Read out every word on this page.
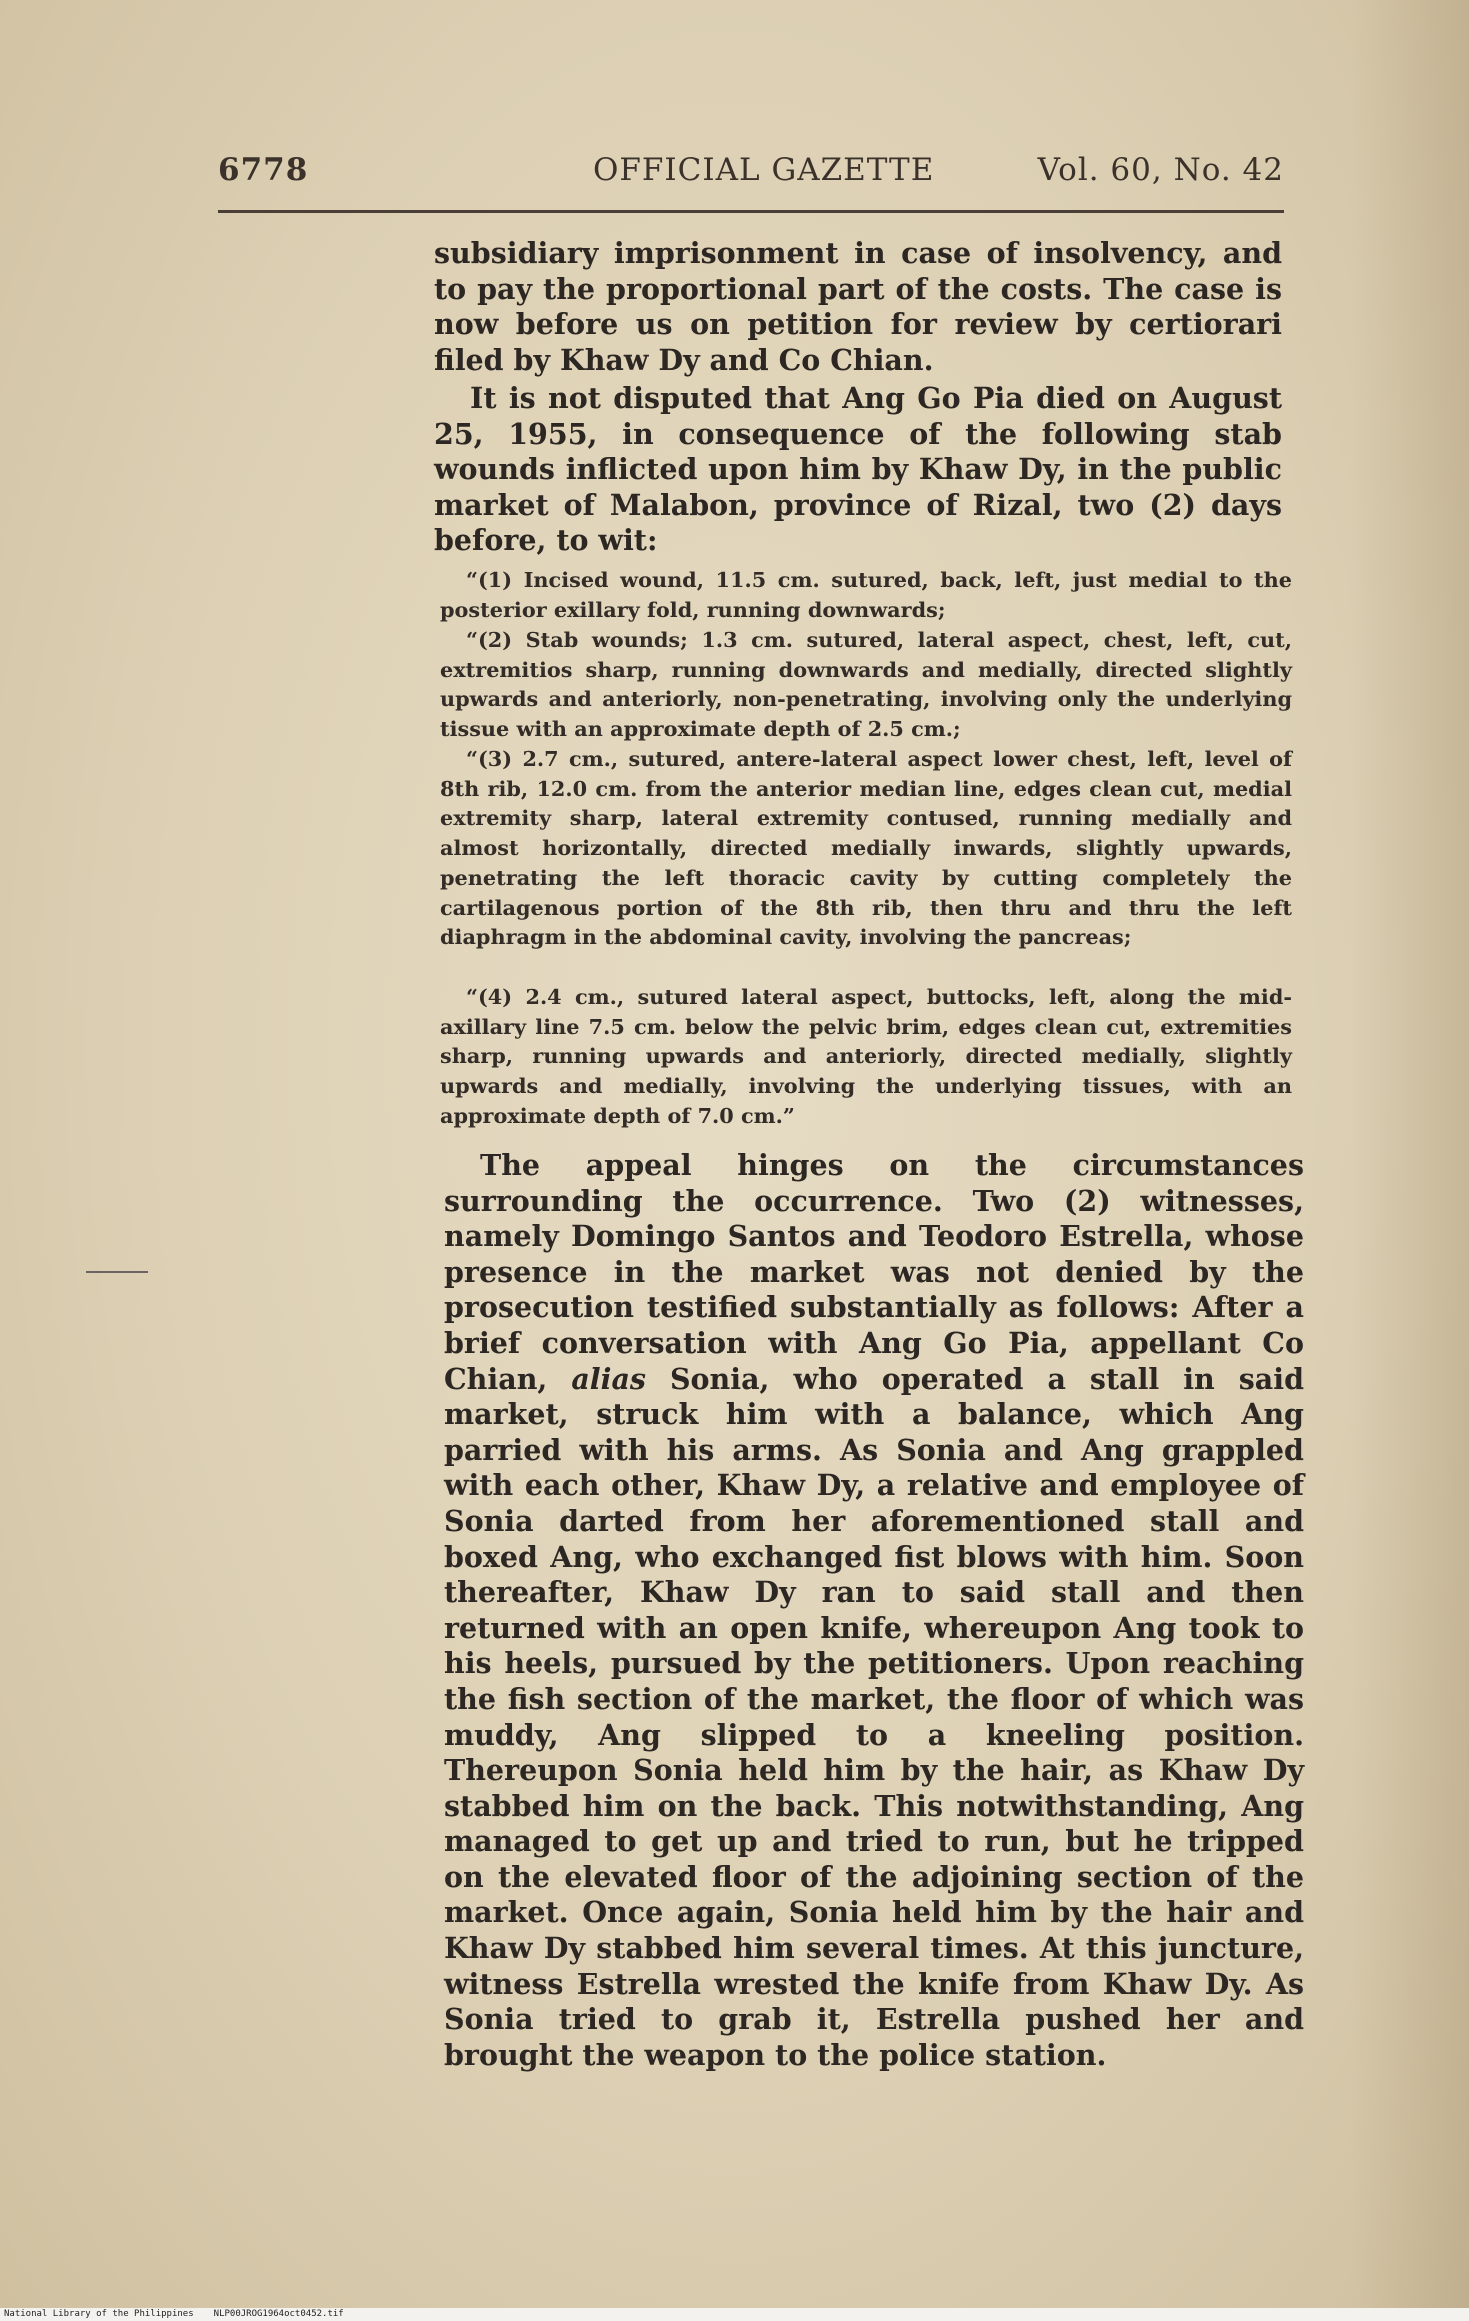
6778	OFFICIAL GAZETTE	Vol. 60, No. 42
subsidiary imprisonment in case of insolvency, and to pay the proportional part of the costs. The case is now before us on petition for review by certiorari filed by Khaw Dy and Co Chian.
It is not disputed that Ang Go Pia died on August 25, 1955, in consequence of the following stab wounds inflicted upon him by Khaw Dy, in the public market of Malabon, province of Rizal, two (2) days before, to wit:
“(1) Incised wound, 11.5 cm. sutured, back, left, just medial to the posterior exillary fold, running downwards;
“(2) Stab wounds; 1.3 cm. sutured, lateral aspect, chest, left, cut, extremitios sharp, running downwards and medially, directed slightly upwards and anteriorly, non-penetrating, involving only the underlying tissue with an approximate depth of 2.5 cm.;
“(3) 2.7 cm., sutured, antere-lateral aspect lower chest, left, level of 8th rib, 12.0 cm. from the anterior median line, edges clean cut, medial extremity sharp, lateral extremity contused, running medially and almost horizontally, directed medially inwards, slightly upwards, penetrating the left thoracic cavity by cutting completely the cartilagenous portion of the 8th rib, then thru and thru the left diaphragm in the abdominal cavity, involving the pancreas;
“(4) 2.4 cm., sutured lateral aspect, buttocks, left, along the mid-axillary line 7.5 cm. below the pelvic brim, edges clean cut, extremities sharp, running upwards and anteriorly, directed medially, slightly upwards and medially, involving the underlying tissues, with an approximate depth of 7.0 cm.”
The appeal hinges on the circumstances surrounding the occurrence. Two (2) witnesses, namely Domingo Santos and Teodoro Estrella, whose presence in the market was not denied by the prosecution testified substantially as follows: After a brief conversation with Ang Go Pia, appellant Co Chian, alias Sonia, who operated a stall in said market, struck him with a balance, which Ang parried with his arms. As Sonia and Ang grappled with each other, Khaw Dy, a relative and employee of Sonia darted from her aforementioned stall and boxed Ang, who exchanged fist blows with him. Soon thereafter, Khaw Dy ran to said stall and then returned with an open knife, whereupon Ang took to his heels, pursued by the petitioners. Upon reaching the fish section of the market, the floor of which was muddy, Ang slipped to a kneeling position. Thereupon Sonia held him by the hair, as Khaw Dy stabbed him on the back. This notwithstanding, Ang managed to get up and tried to run, but he tripped on the elevated floor of the adjoining section of the market. Once again, Sonia held him by the hair and Khaw Dy stabbed him several times. At this juncture, witness Estrella wrested the knife from Khaw Dy. As Sonia tried to grab it, Estrella pushed her and brought the weapon to the police station.
National Library of the Philippines NLP00JROG1964oct0452.tif
